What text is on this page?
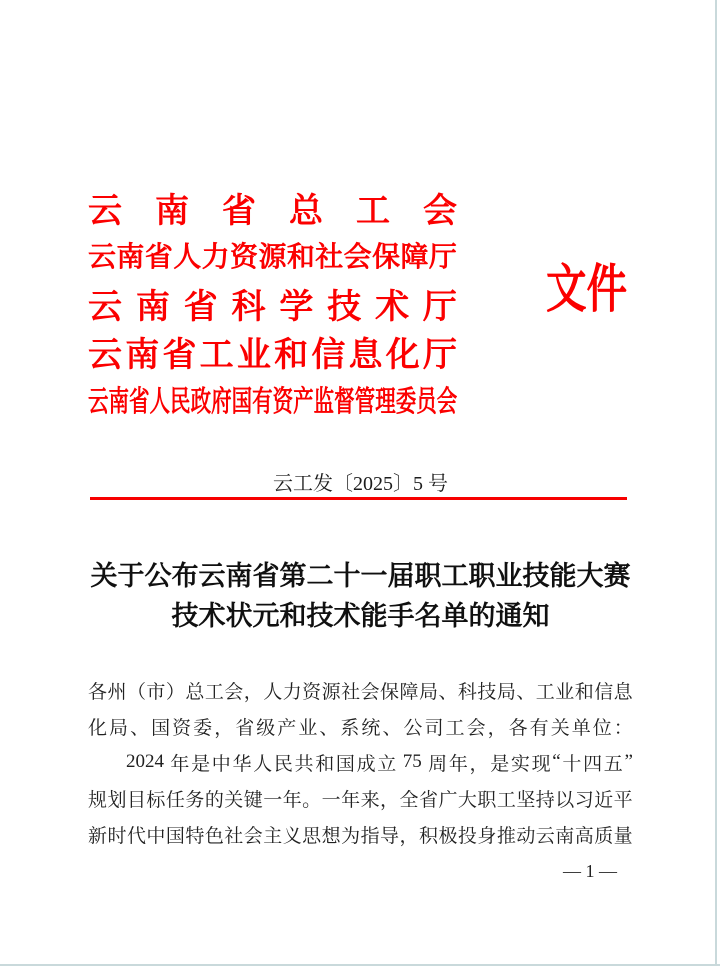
云 南 省 总 工 会
云 南 省 人 力 资 源 和 社 会 保 障 厅
云 南 省 科 学 技 术 厅
云 南 省 工 业 和 信 息 化 厅
云 南 省 人 民 政 府 国 有 资 产 监 督 管 理 委 员 会
文件
云工发〔2025〕5 号
关于公布云南省第二十一届职工职业技能大赛
技术状元和技术能手名单的通知
各 州 （ 市 ） 总 工 会 ， 人 力 资 源 社 会 保 障 局 、 科 技 局 、 工 业 和 信 息
化 局 、 国 资 委 ， 省 级 产 业 、 系 统 、 公 司 工 会 ， 各 有 关 单 位 ：
2024 年 是 中 华 人 民 共 和 国 成 立 75 周 年 ， 是 实 现 “ 十 四 五 ”
规 划 目 标 任 务 的 关 键 一 年 。 一 年 来 ， 全 省 广 大 职 工 坚 持 以 习 近 平
新 时 代 中 国 特 色 社 会 主 义 思 想 为 指 导 ， 积 极 投 身 推 动 云 南 高 质 量
— 1 —
